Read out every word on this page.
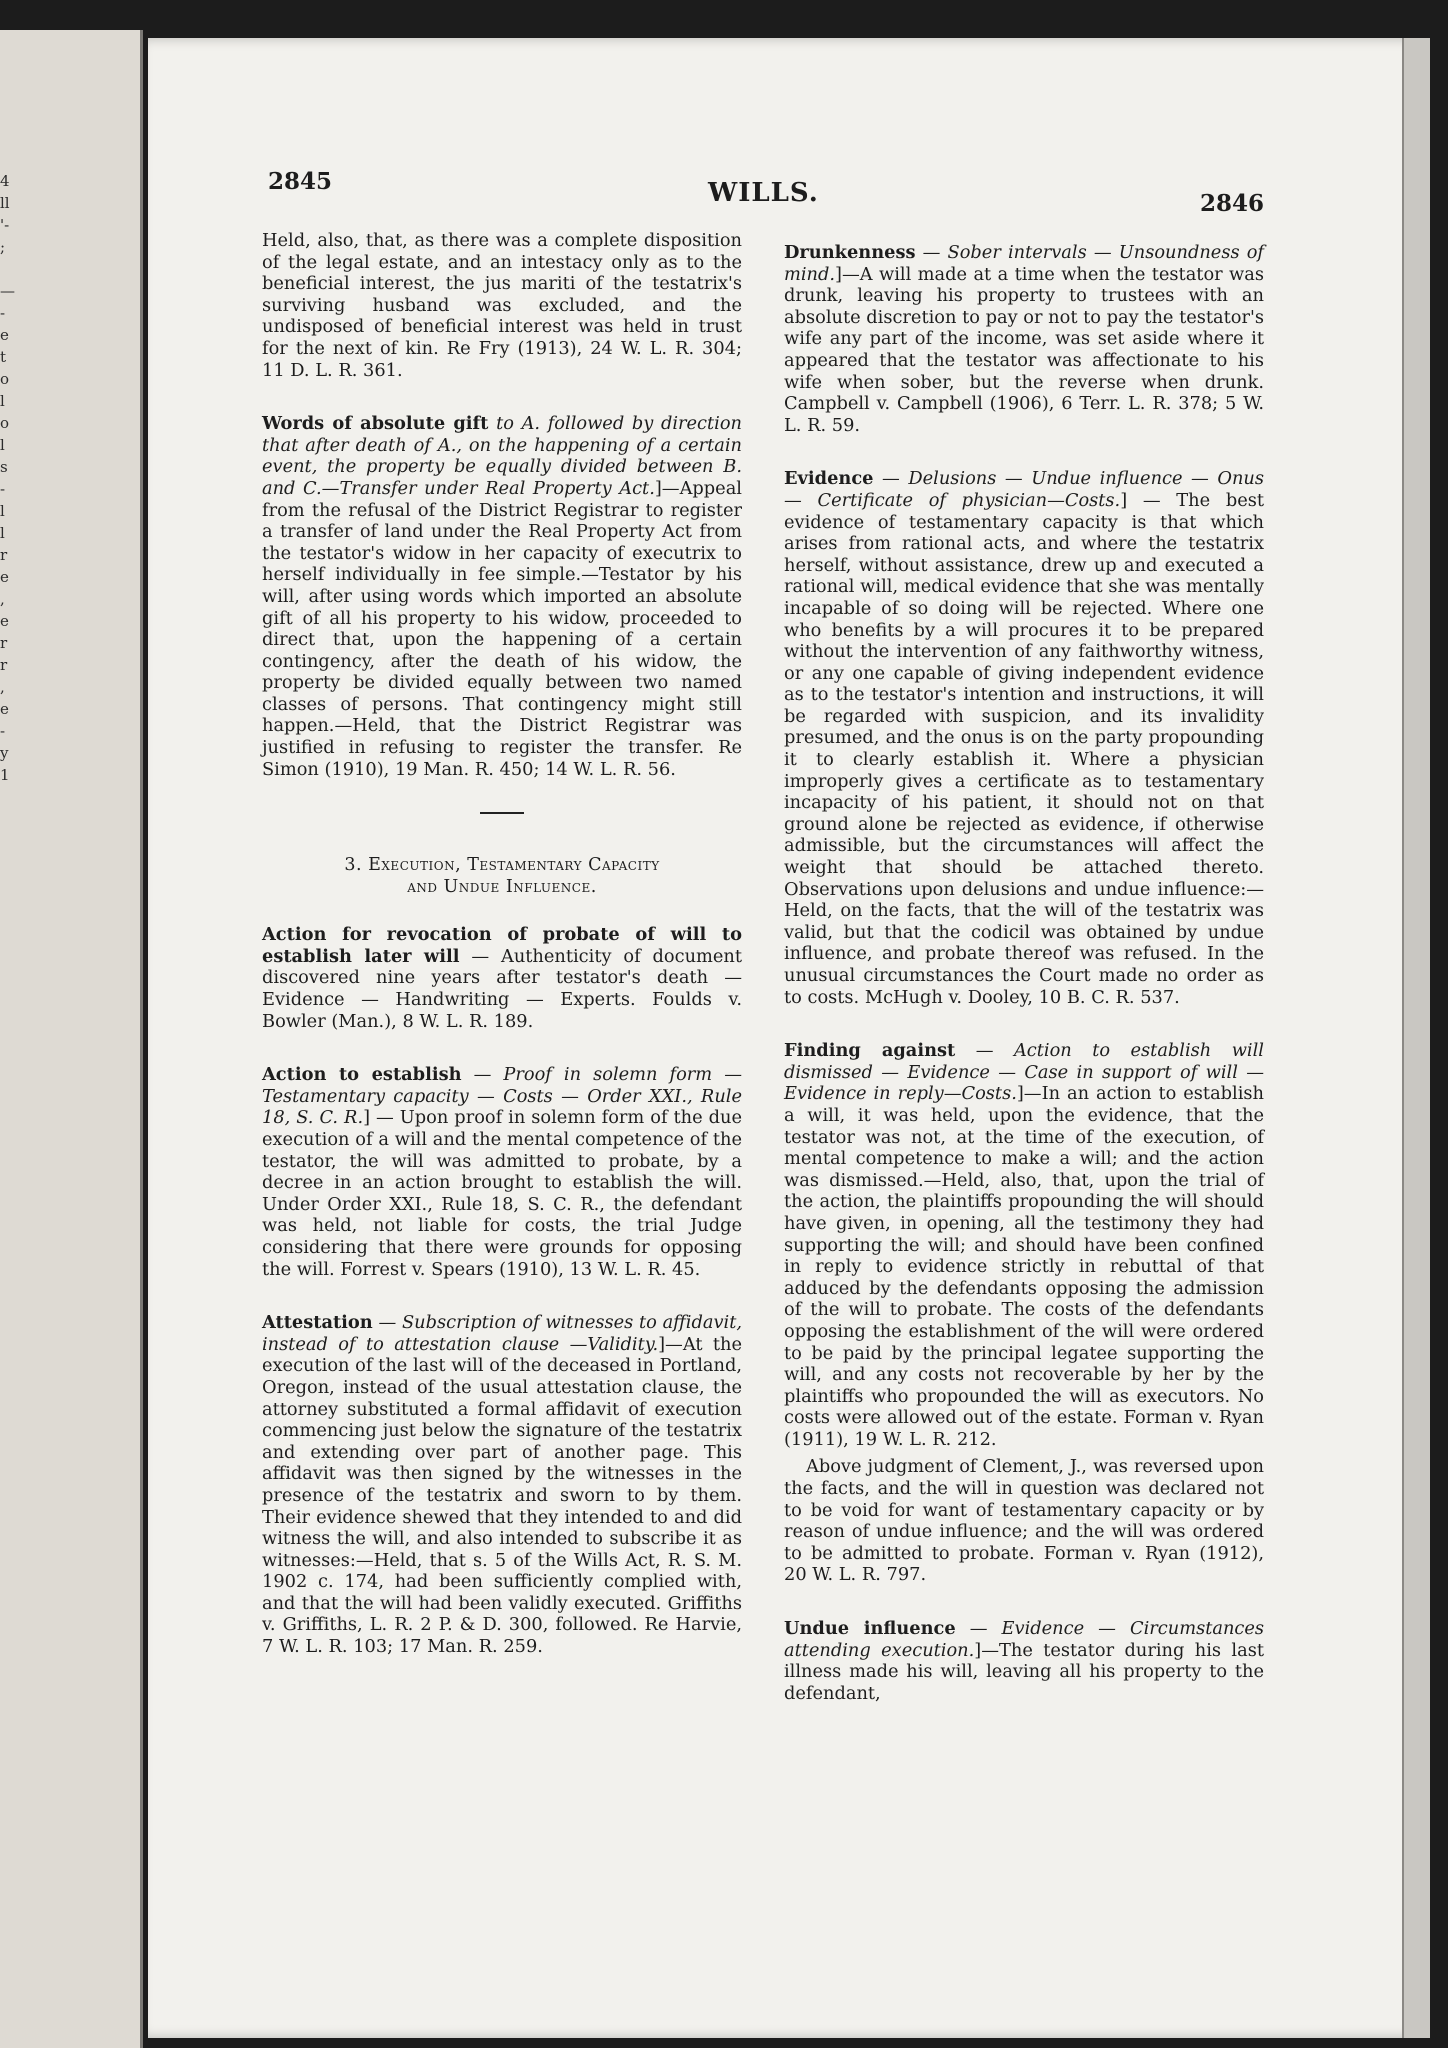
4
ll
'-
;

—
-
e
t
o
l
o
l
s
-
l
l
r
e
,
e
r
r
,
e
-
y
1
2845	WILLS.	2846

Held, also, that, as there was a complete disposition of the legal estate, and an intestacy only as to the beneficial interest, the jus mariti of the testatrix's surviving husband was excluded, and the undisposed of beneficial interest was held in trust for the next of kin. Re Fry (1913), 24 W. L. R. 304; 11 D. L. R. 361.

Words of absolute gift to A. followed by direction that after death of A., on the happening of a certain event, the property be equally divided between B. and C.—Transfer under Real Property Act.]—Appeal from the refusal of the District Registrar to register a transfer of land under the Real Property Act from the testator's widow in her capacity of executrix to herself individually in fee simple.—Testator by his will, after using words which imported an absolute gift of all his property to his widow, proceeded to direct that, upon the happening of a certain contingency, after the death of his widow, the property be divided equally between two named classes of persons. That contingency might still happen.—Held, that the District Registrar was justified in refusing to register the transfer. Re Simon (1910), 19 Man. R. 450; 14 W. L. R. 56.

3. Execution, Testamentary Capacity
and Undue Influence.

Action for revocation of probate of will to establish later will — Authenticity of document discovered nine years after testator's death — Evidence — Handwriting — Experts. Foulds v. Bowler (Man.), 8 W. L. R. 189.

Action to establish — Proof in solemn form — Testamentary capacity — Costs — Order XXI., Rule 18, S. C. R.] — Upon proof in solemn form of the due execution of a will and the mental competence of the testator, the will was admitted to probate, by a decree in an action brought to establish the will. Under Order XXI., Rule 18, S. C. R., the defendant was held, not liable for costs, the trial Judge considering that there were grounds for opposing the will. Forrest v. Spears (1910), 13 W. L. R. 45.

Attestation — Subscription of witnesses to affidavit, instead of to attestation clause —Validity.]—At the execution of the last will of the deceased in Portland, Oregon, instead of the usual attestation clause, the attorney substituted a formal affidavit of execution commencing just below the signature of the testatrix and extending over part of another page. This affidavit was then signed by the witnesses in the presence of the testatrix and sworn to by them. Their evidence shewed that they intended to and did witness the will, and also intended to subscribe it as witnesses:—Held, that s. 5 of the Wills Act, R. S. M. 1902 c. 174, had been sufficiently complied with, and that the will had been validly executed. Griffiths v. Griffiths, L. R. 2 P. & D. 300, followed. Re Harvie, 7 W. L. R. 103; 17 Man. R. 259.

Drunkenness — Sober intervals — Unsoundness of mind.]—A will made at a time when the testator was drunk, leaving his property to trustees with an absolute discretion to pay or not to pay the testator's wife any part of the income, was set aside where it appeared that the testator was affectionate to his wife when sober, but the reverse when drunk. Campbell v. Campbell (1906), 6 Terr. L. R. 378; 5 W. L. R. 59.

Evidence — Delusions — Undue influence — Onus — Certificate of physician—Costs.] — The best evidence of testamentary capacity is that which arises from rational acts, and where the testatrix herself, without assistance, drew up and executed a rational will, medical evidence that she was mentally incapable of so doing will be rejected. Where one who benefits by a will procures it to be prepared without the intervention of any faithworthy witness, or any one capable of giving independent evidence as to the testator's intention and instructions, it will be regarded with suspicion, and its invalidity presumed, and the onus is on the party propounding it to clearly establish it. Where a physician improperly gives a certificate as to testamentary incapacity of his patient, it should not on that ground alone be rejected as evidence, if otherwise admissible, but the circumstances will affect the weight that should be attached thereto. Observations upon delusions and undue influence:—Held, on the facts, that the will of the testatrix was valid, but that the codicil was obtained by undue influence, and probate thereof was refused. In the unusual circumstances the Court made no order as to costs. McHugh v. Dooley, 10 B. C. R. 537.

Finding against — Action to establish will dismissed — Evidence — Case in support of will — Evidence in reply—Costs.]—In an action to establish a will, it was held, upon the evidence, that the testator was not, at the time of the execution, of mental competence to make a will; and the action was dismissed.—Held, also, that, upon the trial of the action, the plaintiffs propounding the will should have given, in opening, all the testimony they had supporting the will; and should have been confined in reply to evidence strictly in rebuttal of that adduced by the defendants opposing the admission of the will to probate. The costs of the defendants opposing the establishment of the will were ordered to be paid by the principal legatee supporting the will, and any costs not recoverable by her by the plaintiffs who propounded the will as executors. No costs were allowed out of the estate. Forman v. Ryan (1911), 19 W. L. R. 212.

Above judgment of Clement, J., was reversed upon the facts, and the will in question was declared not to be void for want of testamentary capacity or by reason of undue influence; and the will was ordered to be admitted to probate. Forman v. Ryan (1912), 20 W. L. R. 797.

Undue influence — Evidence — Circumstances attending execution.]—The testator during his last illness made his will, leaving all his property to the defendant,
